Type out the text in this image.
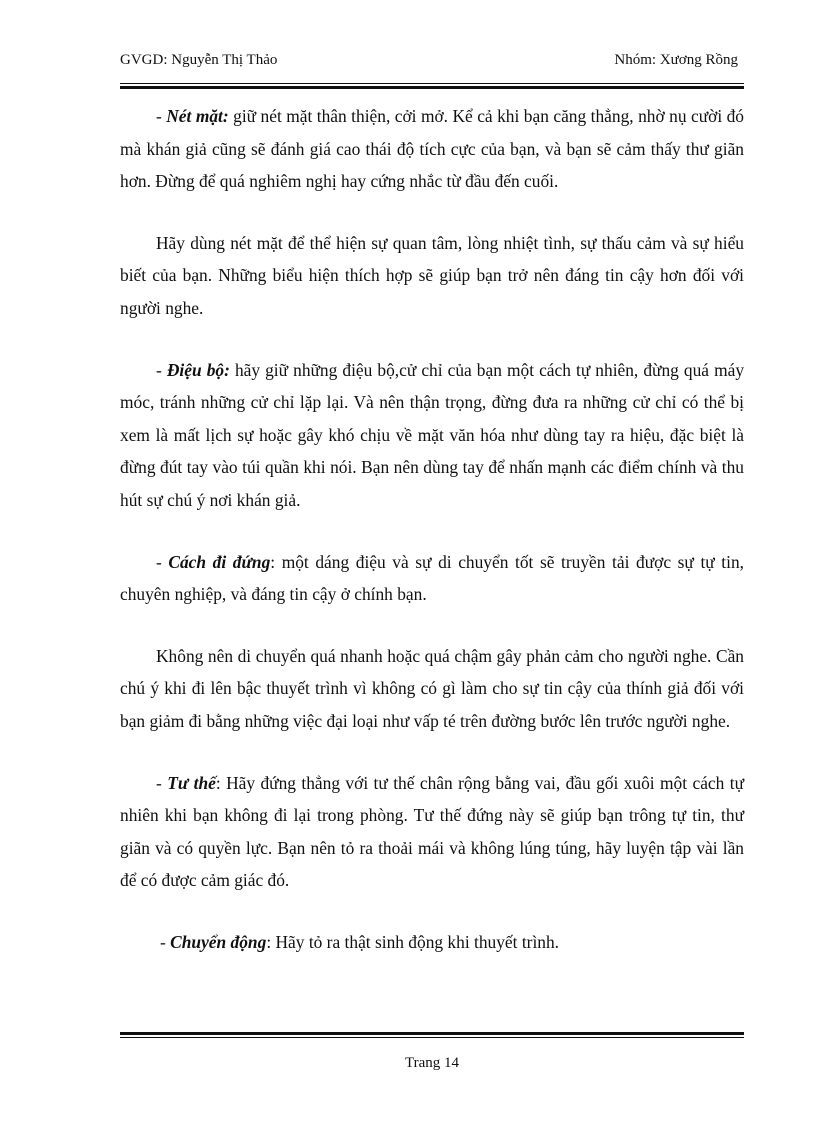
GVGD: Nguyễn Thị Thảo	Nhóm: Xương Rồng

- Nét mặt: giữ nét mặt thân thiện, cởi mở. Kể cả khi bạn căng thẳng, nhờ nụ cười đó mà khán giả cũng sẽ đánh giá cao thái độ tích cực của bạn, và bạn sẽ cảm thấy thư giãn hơn. Đừng để quá nghiêm nghị hay cứng nhắc từ đầu đến cuối.

Hãy dùng nét mặt để thể hiện sự quan tâm, lòng nhiệt tình, sự thấu cảm và sự hiểu biết của bạn. Những biểu hiện thích hợp sẽ giúp bạn trở nên đáng tin cậy hơn đối với người nghe.

- Điệu bộ: hãy giữ những điệu bộ,cử chỉ của bạn một cách tự nhiên, đừng quá máy móc, tránh những cử chỉ lặp lại. Và nên thận trọng, đừng đưa ra những cử chỉ có thể bị xem là mất lịch sự hoặc gây khó chịu về mặt văn hóa như dùng tay ra hiệu, đặc biệt là đừng đút tay vào túi quần khi nói. Bạn nên dùng tay để nhấn mạnh các điểm chính và thu hút sự chú ý nơi khán giả.

- Cách đi đứng: một dáng điệu và sự di chuyển tốt sẽ truyền tải được sự tự tin, chuyên nghiệp, và đáng tin cậy ở chính bạn.

Không nên di chuyển quá nhanh hoặc quá chậm gây phản cảm cho người nghe. Cần chú ý khi đi lên bậc thuyết trình vì không có gì làm cho sự tin cậy của thính giả đối với bạn giảm đi bằng những việc đại loại như vấp té trên đường bước lên trước người nghe.

- Tư thế: Hãy đứng thẳng với tư thế chân rộng bằng vai, đầu gối xuôi một cách tự nhiên khi bạn không đi lại trong phòng. Tư thế đứng này sẽ giúp bạn trông tự tin, thư giãn và có quyền lực. Bạn nên tỏ ra thoải mái và không lúng túng, hãy luyện tập vài lần để có được cảm giác đó.

- Chuyển động: Hãy tỏ ra thật sinh động khi thuyết trình.

Trang 14
